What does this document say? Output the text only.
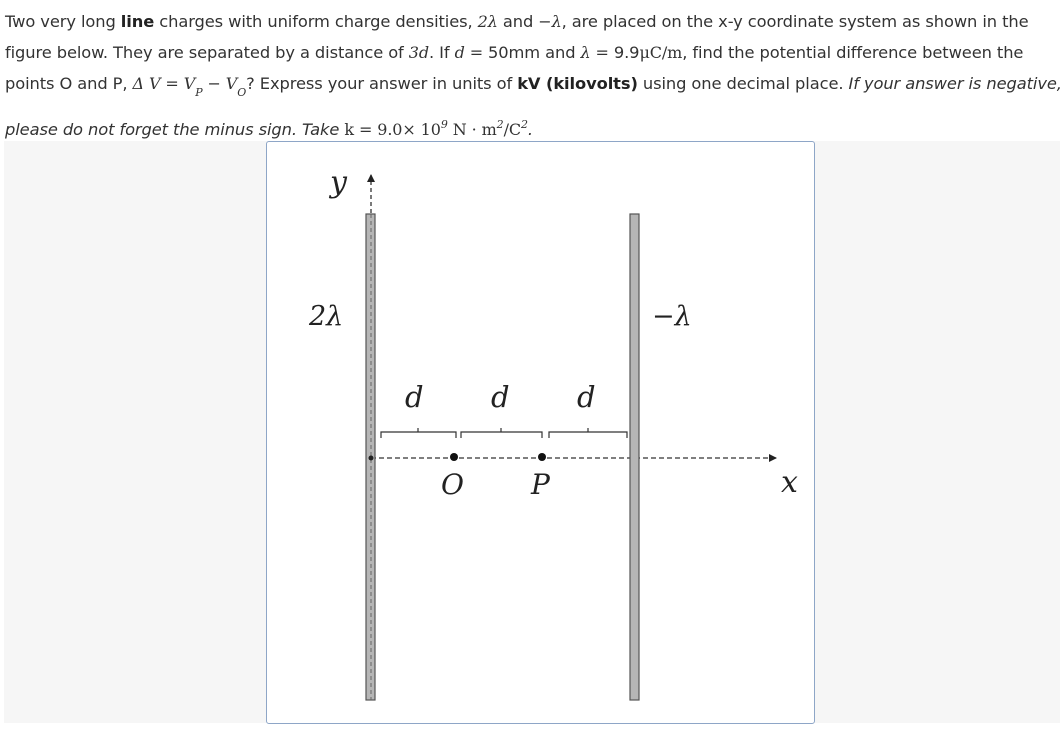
Two very long line charges with uniform charge densities, 2λ and −λ, are placed on the x-y coordinate system as shown in the
figure below. They are separated by a distance of 3d. If d = 50mm and λ = 9.9μC/m, find the potential difference between the
points O and P, Δ $V = V_P - V_O$? Express your answer in units of kV (kilovolts) using one decimal place. If your answer is negative,
please do not forget the minus sign. Take $k = 9.0\times 10^9$ $N \cdot m^2/C^2$.
y
x
2λ	−λ
d d d
O P
